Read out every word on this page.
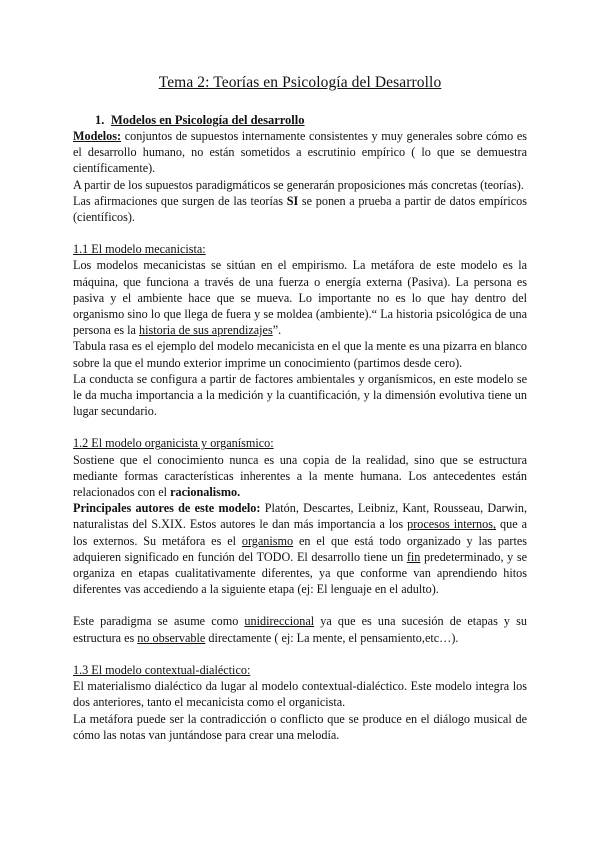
Tema 2: Teorías en Psicología del Desarrollo
1. Modelos en Psicología del desarrollo

Modelos: conjuntos de supuestos internamente consistentes y muy generales sobre cómo es el desarrollo humano, no están sometidos a escrutinio empírico ( lo que se demuestra científicamente).

A partir de los supuestos paradigmáticos se generarán proposiciones más concretas (teorías).

Las afirmaciones que surgen de las teorías SI se ponen a prueba a partir de datos empíricos (científicos).

1.1 El modelo mecanicista:

Los modelos mecanicistas se sitúan en el empirismo. La metáfora de este modelo es la máquina, que funciona a través de una fuerza o energía externa (Pasiva). La persona es pasiva y el ambiente hace que se mueva. Lo importante no es lo que hay dentro del organismo sino lo que llega de fuera y se moldea (ambiente).“ La historia psicológica de una persona es la historia de sus aprendizajes”.

Tabula rasa es el ejemplo del modelo mecanicista en el que la mente es una pizarra en blanco sobre la que el mundo exterior imprime un conocimiento (partimos desde cero).

La conducta se configura a partir de factores ambientales y organísmicos, en este modelo se le da mucha importancia a la medición y la cuantificación, y la dimensión evolutiva tiene un lugar secundario.

1.2 El modelo organicista y organísmico:

Sostiene que el conocimiento nunca es una copia de la realidad, sino que se estructura mediante formas características inherentes a la mente humana. Los antecedentes están relacionados con el racionalismo.

Principales autores de este modelo: Platón, Descartes, Leibniz, Kant, Rousseau, Darwin, naturalistas del S.XIX. Estos autores le dan más importancia a los procesos internos, que a los externos. Su metáfora es el organismo en el que está todo organizado y las partes adquieren significado en función del TODO. El desarrollo tiene un fin predeterminado, y se organiza en etapas cualitativamente diferentes, ya que conforme van aprendiendo hitos diferentes vas accediendo a la siguiente etapa (ej: El lenguaje en el adulto).

Este paradigma se asume como unidireccional ya que es una sucesión de etapas y su estructura es no observable directamente ( ej: La mente, el pensamiento,etc…).

1.3 El modelo contextual-dialéctico:

El materialismo dialéctico da lugar al modelo contextual-dialéctico. Este modelo integra los dos anteriores, tanto el mecanicista como el organicista.

La metáfora puede ser la contradicción o conflicto que se produce en el diálogo musical de cómo las notas van juntándose para crear una melodía.
